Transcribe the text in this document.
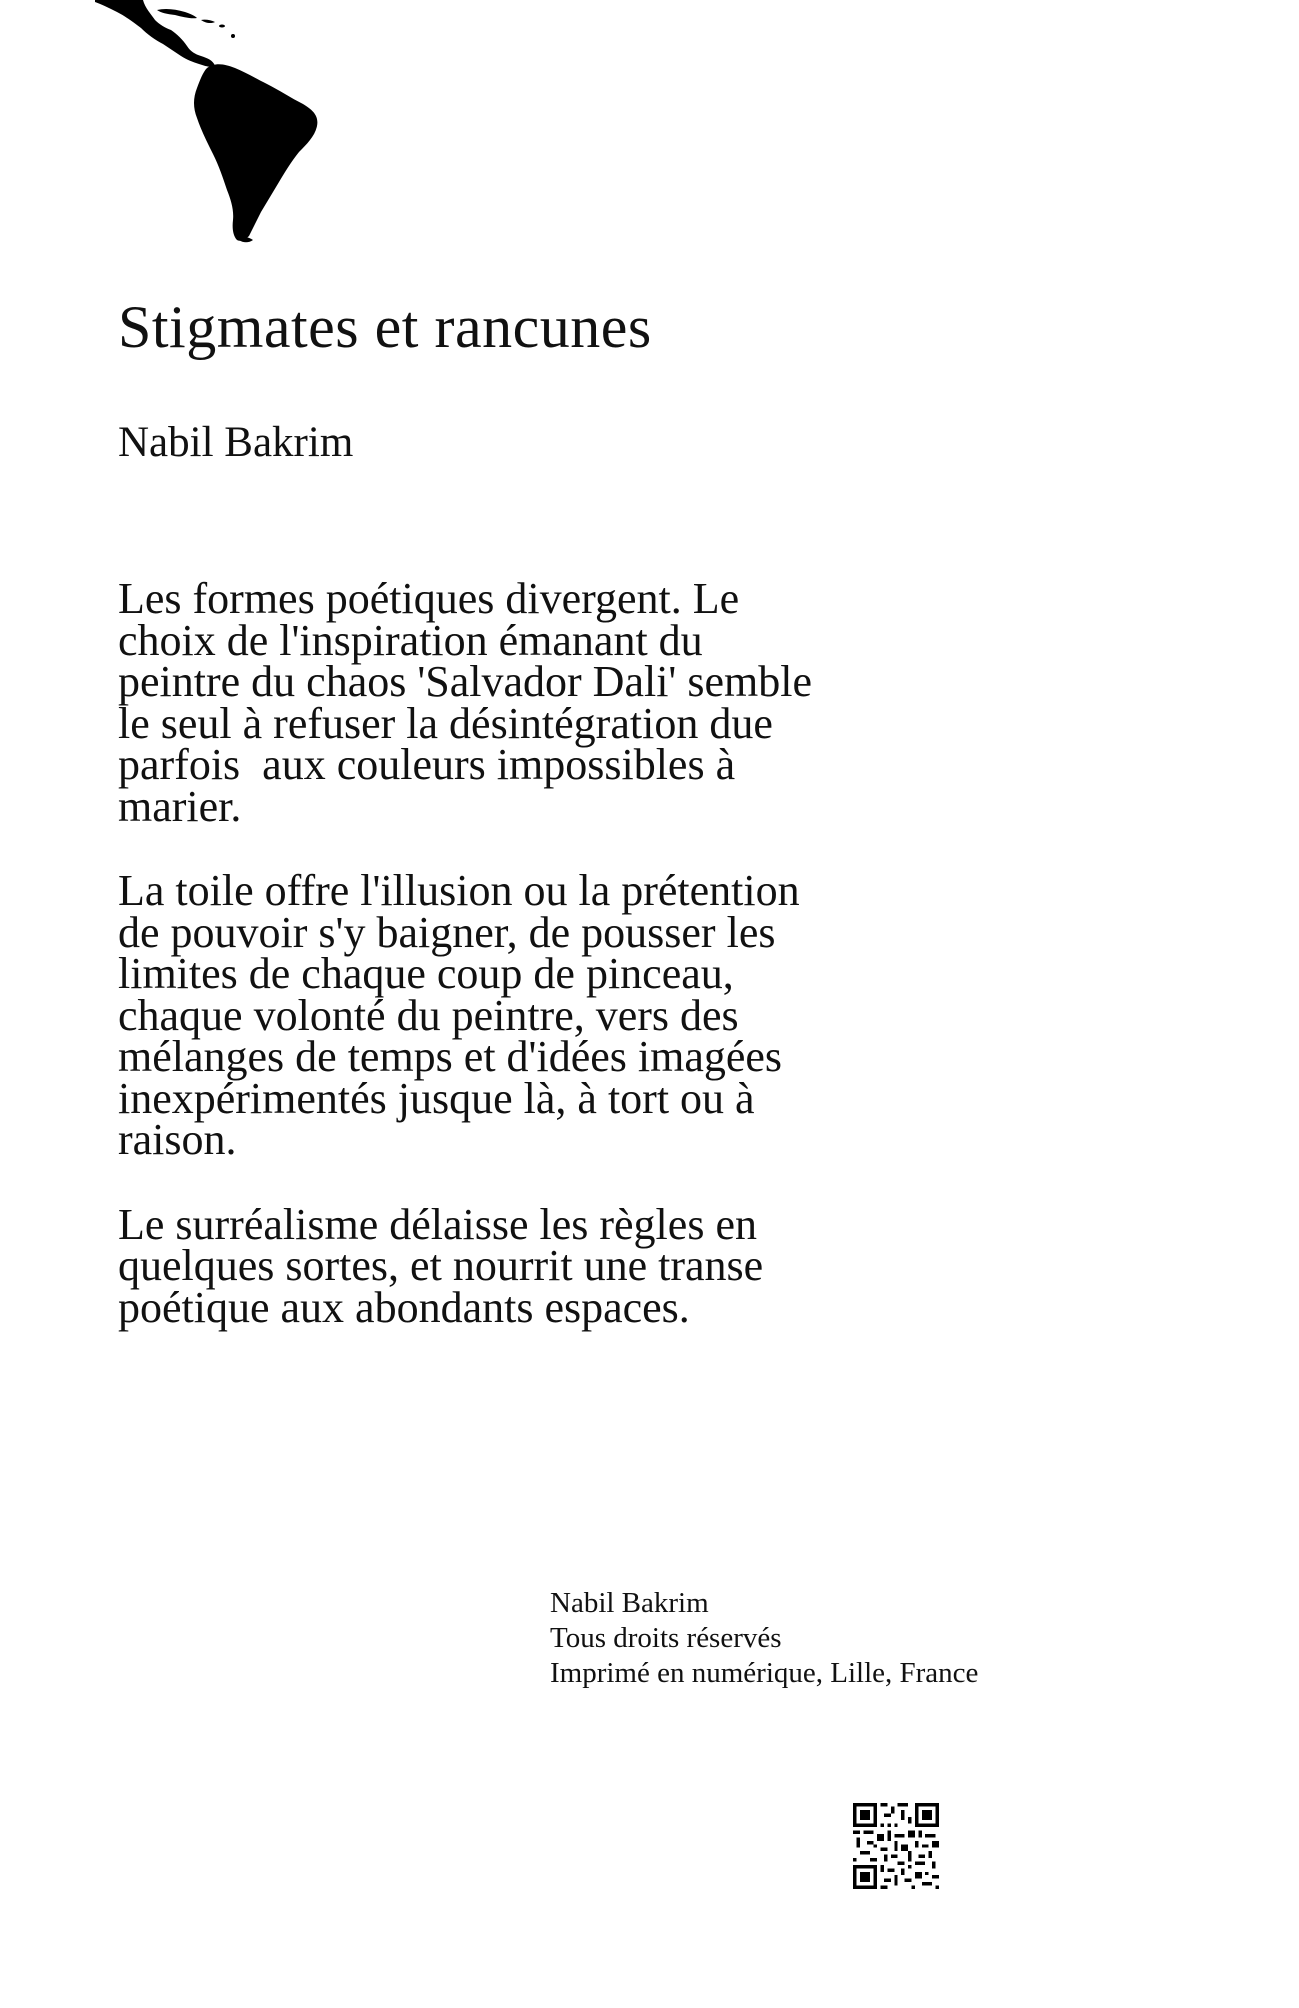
Stigmates et rancunes
Nabil Bakrim

Les formes poétiques divergent. Le
choix de l'inspiration émanant du
peintre du chaos 'Salvador Dali' semble
le seul à refuser la désintégration due
parfois  aux couleurs impossibles à
marier.

La toile offre l'illusion ou la prétention
de pouvoir s'y baigner, de pousser les
limites de chaque coup de pinceau,
chaque volonté du peintre, vers des
mélanges de temps et d'idées imagées
inexpérimentés jusque là, à tort ou à
raison.

Le surréalisme délaisse les règles en
quelques sortes, et nourrit une transe
poétique aux abondants espaces.

Nabil Bakrim
Tous droits réservés
Imprimé en numérique, Lille, France
